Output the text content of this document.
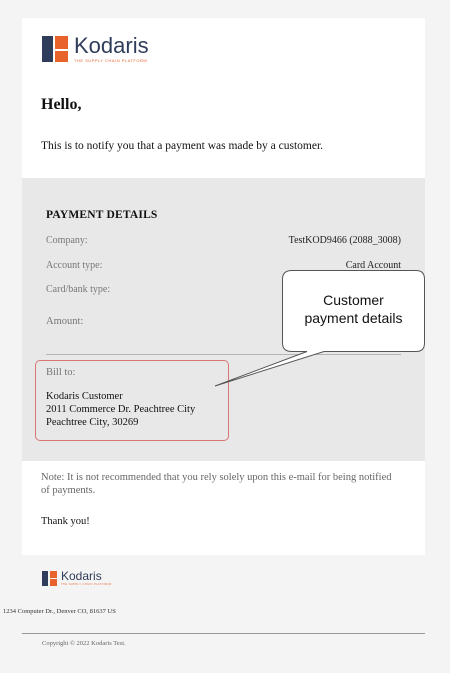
Kodaris
THE SUPPLY CHAIN PLATFORM
Hello,
This is to notify you that a payment was made by a customer.
PAYMENT DETAILS
Company:	TestKOD9466 (2088_3008)
Account type:	Card Account
Card/bank type:
Amount:
Bill to:
Kodaris Customer
2011 Commerce Dr. Peachtree City
Peachtree City, 30269
Customer
payment details
Note: It is not recommended that you rely solely upon this e-mail for being notified of payments.
Thank you!
Kodaris
THE SUPPLY CHAIN PLATFORM
1234 Computer Dr., Denver CO, 81637 US
Copyright © 2022 Kodaris Test.
